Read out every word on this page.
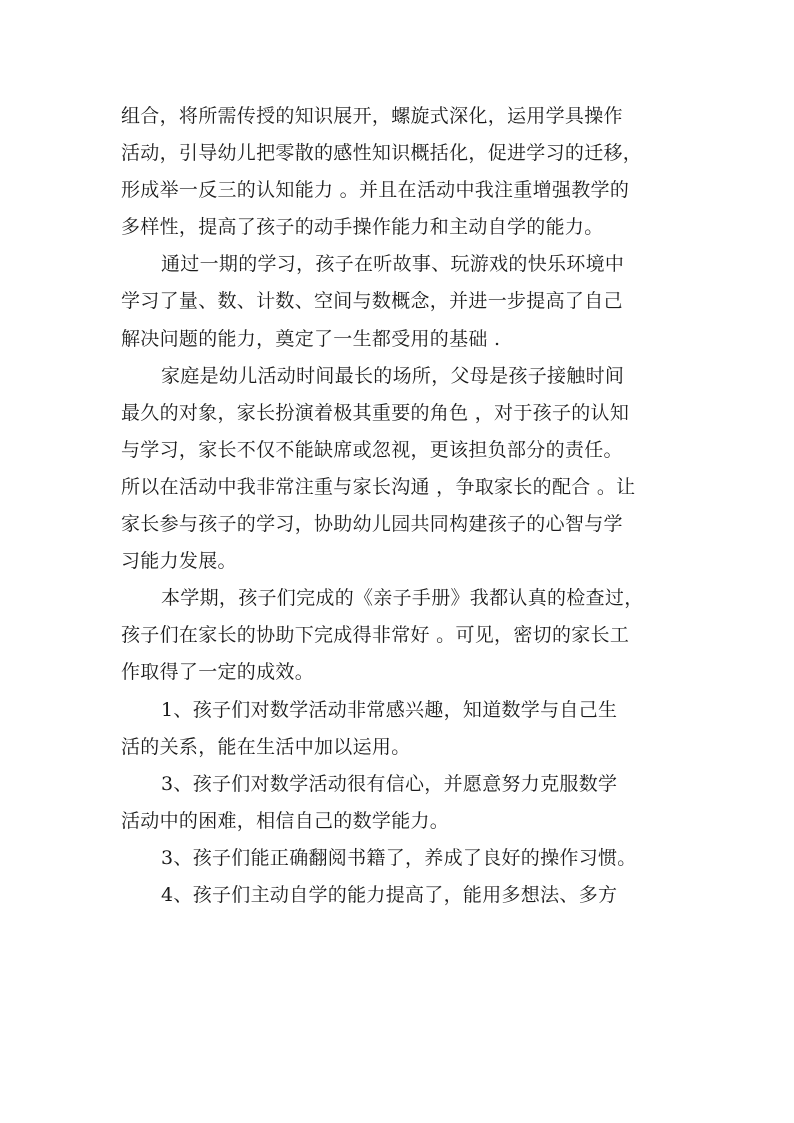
组合，将所需传授的知识展开，螺旋式深化，运用学具操作
活动，引导幼儿把零散的感性知识概括化，促进学习的迁移，
形成举一反三的认知能力 。并且在活动中我注重增强教学的
多样性，提高了孩子的动手操作能力和主动自学的能力。
通过一期的学习，孩子在听故事、玩游戏的快乐环境中
学习了量、数、计数、空间与数概念，并进一步提高了自己
解决问题的能力，奠定了一生都受用的基础 .
家庭是幼儿活动时间最长的场所，父母是孩子接触时间
最久的对象，家长扮演着极其重要的角色 ，对于孩子的认知
与学习，家长不仅不能缺席或忽视，更该担负部分的责任。
所以在活动中我非常注重与家长沟通 ，争取家长的配合 。让
家长参与孩子的学习，协助幼儿园共同构建孩子的心智与学
习能力发展。
本学期，孩子们完成的《亲子手册》我都认真的检查过，
孩子们在家长的协助下完成得非常好 。可见，密切的家长工
作取得了一定的成效。
1、孩子们对数学活动非常感兴趣，知道数学与自己生
活的关系，能在生活中加以运用。
3、孩子们对数学活动很有信心，并愿意努力克服数学
活动中的困难，相信自己的数学能力。
3、孩子们能正确翻阅书籍了，养成了良好的操作习惯。
4、孩子们主动自学的能力提高了，能用多想法、多方
